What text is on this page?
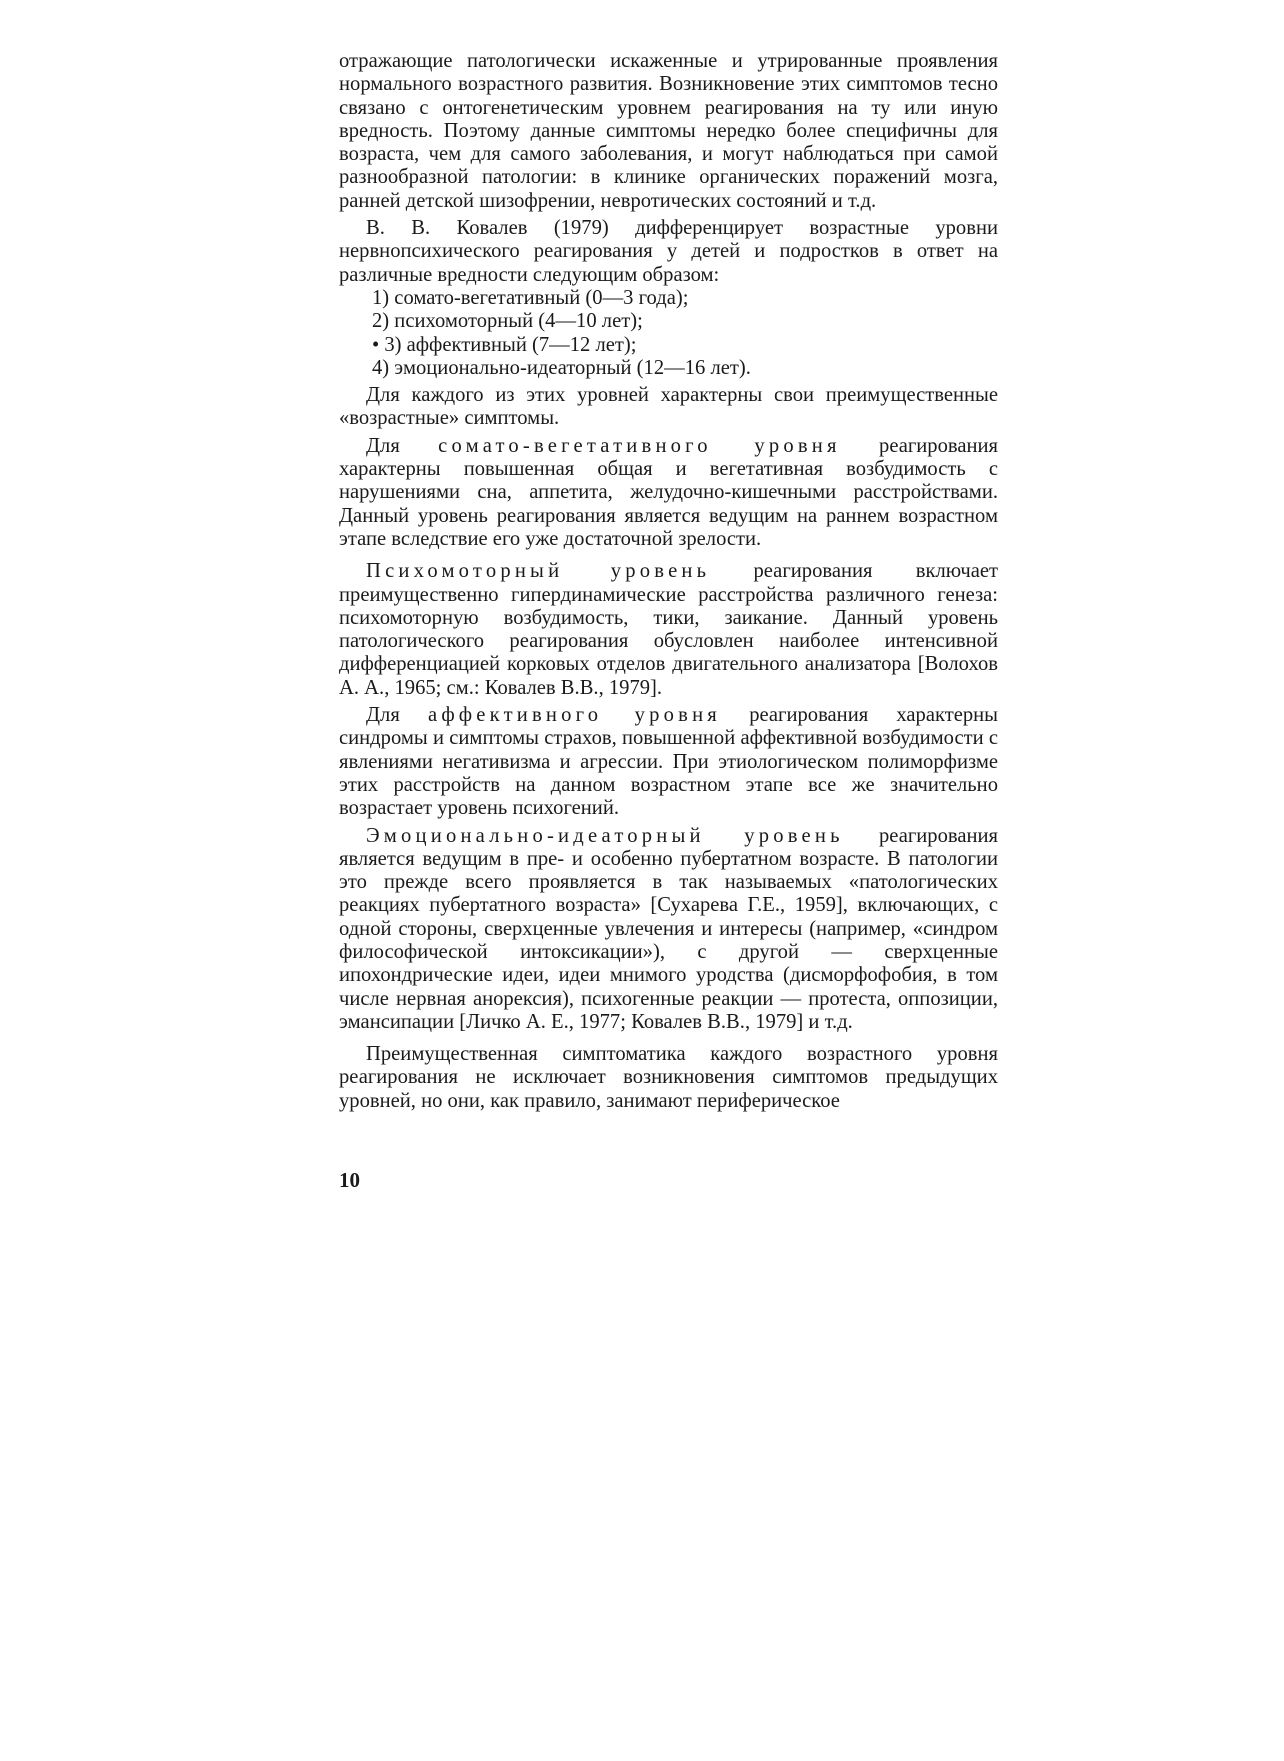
отражающие патологически искаженные и утрированные проявления нормального возрастного развития. Возникновение этих симптомов тесно связано с онтогенетическим уровнем реагирования на ту или иную вредность. Поэтому данные симптомы нередко более специфичны для возраста, чем для самого заболевания, и могут наблюдаться при самой разнообразной патологии: в клинике органических поражений мозга, ранней детской шизофрении, невротических состояний и т.д.

В. В. Ковалев (1979) дифференцирует возрастные уровни нервнопсихического реагирования у детей и подростков в ответ на различные вредности следующим образом:

1) сомато-вегетативный (0—3 года);

2) психомоторный (4—10 лет);

• 3) аффективный (7—12 лет);

4) эмоционально-идеаторный (12—16 лет).

Для каждого из этих уровней характерны свои преимущественные «возрастные» симптомы.

Для сомато-вегетативного уровня реагирования характерны повышенная общая и вегетативная возбудимость с нарушениями сна, аппетита, желудочно-кишечными расстройствами. Данный уровень реагирования является ведущим на раннем возрастном этапе вследствие его уже достаточной зрелости.

Психомоторный уровень реагирования включает преимущественно гипердинамические расстройства различного генеза: психомоторную возбудимость, тики, заикание. Данный уровень патологического реагирования обусловлен наиболее интенсивной дифференциацией корковых отделов двигательного анализатора [Волохов А. А., 1965; см.: Ковалев В.В., 1979].

Для аффективного уровня реагирования характерны синдромы и симптомы страхов, повышенной аффективной возбудимости с явлениями негативизма и агрессии. При этиологическом полиморфизме этих расстройств на данном возрастном этапе все же значительно возрастает уровень психогений.

Эмоционально-идеаторный уровень реагирования является ведущим в пре- и особенно пубертатном возрасте. В патологии это прежде всего проявляется в так называемых «патологических реакциях пубертатного возраста» [Сухарева Г.Е., 1959], включающих, с одной стороны, сверхценные увлечения и интересы (например, «синдром философической интоксикации»), с другой — сверхценные ипохондрические идеи, идеи мнимого уродства (дисморфофобия, в том числе нервная анорексия), психогенные реакции — протеста, оппозиции, эмансипации [Личко А. Е., 1977; Ковалев В.В., 1979] и т.д.

Преимущественная симптоматика каждого возрастного уровня реагирования не исключает возникновения симптомов предыдущих уровней, но они, как правило, занимают периферическое

10
